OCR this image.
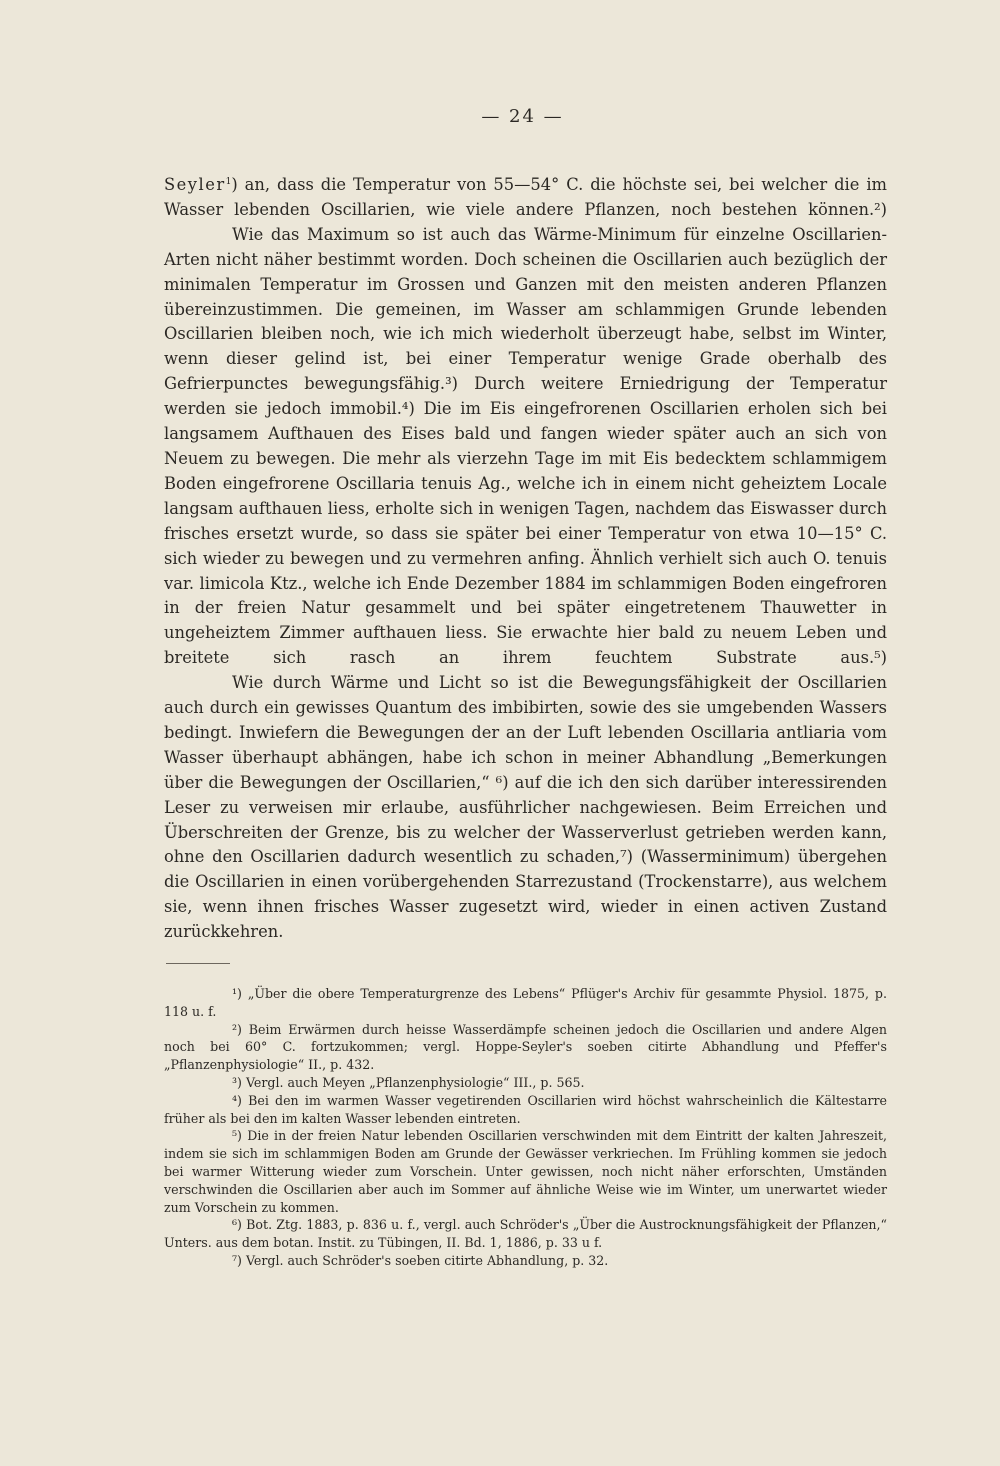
— 24 —

Seyler$^1$) an, dass die Temperatur von 55—54° C. die höchste sei, bei welcher die im Wasser lebenden Oscillarien, wie viele andere Pflanzen, noch bestehen können.²)

Wie das Maximum so ist auch das Wärme-Minimum für einzelne Oscillarien-Arten nicht näher bestimmt worden. Doch scheinen die Oscillarien auch bezüglich der minimalen Temperatur im Grossen und Ganzen mit den meisten anderen Pflanzen übereinzustimmen. Die gemeinen, im Wasser am schlammigen Grunde lebenden Oscillarien bleiben noch, wie ich mich wiederholt überzeugt habe, selbst im Winter, wenn dieser gelind ist, bei einer Temperatur wenige Grade oberhalb des Gefrierpunctes bewegungsfähig.³) Durch weitere Erniedrigung der Temperatur werden sie jedoch immobil.⁴) Die im Eis eingefrorenen Oscillarien erholen sich bei langsamem Aufthauen des Eises bald und fangen wieder später auch an sich von Neuem zu bewegen. Die mehr als vierzehn Tage im mit Eis bedecktem schlammigem Boden eingefrorene Oscillaria tenuis Ag., welche ich in einem nicht geheiztem Locale langsam aufthauen liess, erholte sich in wenigen Tagen, nachdem das Eiswasser durch frisches ersetzt wurde, so dass sie später bei einer Temperatur von etwa 10—15° C. sich wieder zu bewegen und zu vermehren anfing. Ähnlich verhielt sich auch O. tenuis var. limicola Ktz., welche ich Ende Dezember 1884 im schlammigen Boden eingefroren in der freien Natur gesammelt und bei später eingetretenem Thauwetter in ungeheiztem Zimmer aufthauen liess. Sie erwachte hier bald zu neuem Leben und breitete sich rasch an ihrem feuchtem Substrate aus.⁵)

Wie durch Wärme und Licht so ist die Bewegungsfähigkeit der Oscillarien auch durch ein gewisses Quantum des imbibirten, sowie des sie umgebenden Wassers bedingt. Inwiefern die Bewegungen der an der Luft lebenden Oscillaria antliaria vom Wasser überhaupt abhängen, habe ich schon in meiner Abhandlung „Bemerkungen über die Bewegungen der Oscillarien,“ ⁶) auf die ich den sich darüber interessirenden Leser zu verweisen mir erlaube, ausführlicher nachgewiesen. Beim Erreichen und Überschreiten der Grenze, bis zu welcher der Wasserverlust getrieben werden kann, ohne den Oscillarien dadurch wesentlich zu schaden,⁷) (Wasserminimum) übergehen die Oscillarien in einen vorübergehenden Starrezustand (Trockenstarre), aus welchem sie, wenn ihnen frisches Wasser zugesetzt wird, wieder in einen activen Zustand zurückkehren.

¹) „Über die obere Temperaturgrenze des Lebens“ Pflüger's Archiv für gesammte Physiol. 1875, p. 118 u. f.

²) Beim Erwärmen durch heisse Wasserdämpfe scheinen jedoch die Oscillarien und andere Algen noch bei 60° C. fortzukommen; vergl. Hoppe-Seyler's soeben citirte Abhandlung und Pfeffer's „Pflanzenphysiologie“ II., p. 432.

³) Vergl. auch Meyen „Pflanzenphysiologie“ III., p. 565.

⁴) Bei den im warmen Wasser vegetirenden Oscillarien wird höchst wahrscheinlich die Kältestarre früher als bei den im kalten Wasser lebenden eintreten.

⁵) Die in der freien Natur lebenden Oscillarien verschwinden mit dem Eintritt der kalten Jahreszeit, indem sie sich im schlammigen Boden am Grunde der Gewässer verkriechen. Im Frühling kommen sie jedoch bei warmer Witterung wieder zum Vorschein. Unter gewissen, noch nicht näher erforschten, Umständen verschwinden die Oscillarien aber auch im Sommer auf ähnliche Weise wie im Winter, um unerwartet wieder zum Vorschein zu kommen.

⁶) Bot. Ztg. 1883, p. 836 u. f., vergl. auch Schröder's „Über die Austrocknungsfähigkeit der Pflanzen,“ Unters. aus dem botan. Instit. zu Tübingen, II. Bd. 1, 1886, p. 33 u f.

⁷) Vergl. auch Schröder's soeben citirte Abhandlung, p. 32.
